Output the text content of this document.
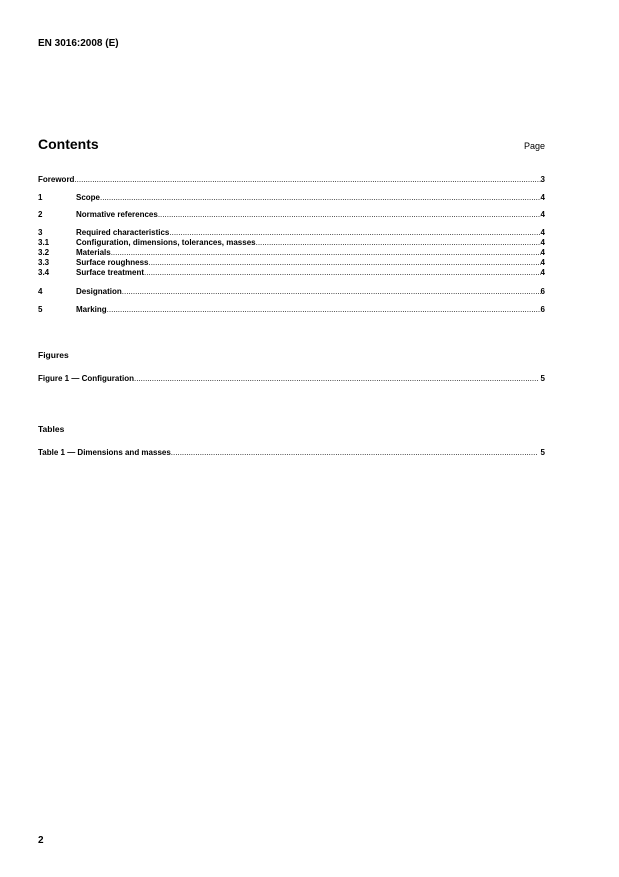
EN 3016:2008 (E)
Contents	Page
Foreword .....	3
1	Scope .....	4
2	Normative references .....	4
3	Required characteristics .....	4
3.1	Configuration, dimensions, tolerances, masses .....	4
3.2	Materials .....	4
3.3	Surface roughness .....	4
3.4	Surface treatment .....	4
4	Designation .....	6
5	Marking .....	6
Figures
Figure 1 — Configuration .....	5
Tables
Table 1 — Dimensions and masses .....	5
2
